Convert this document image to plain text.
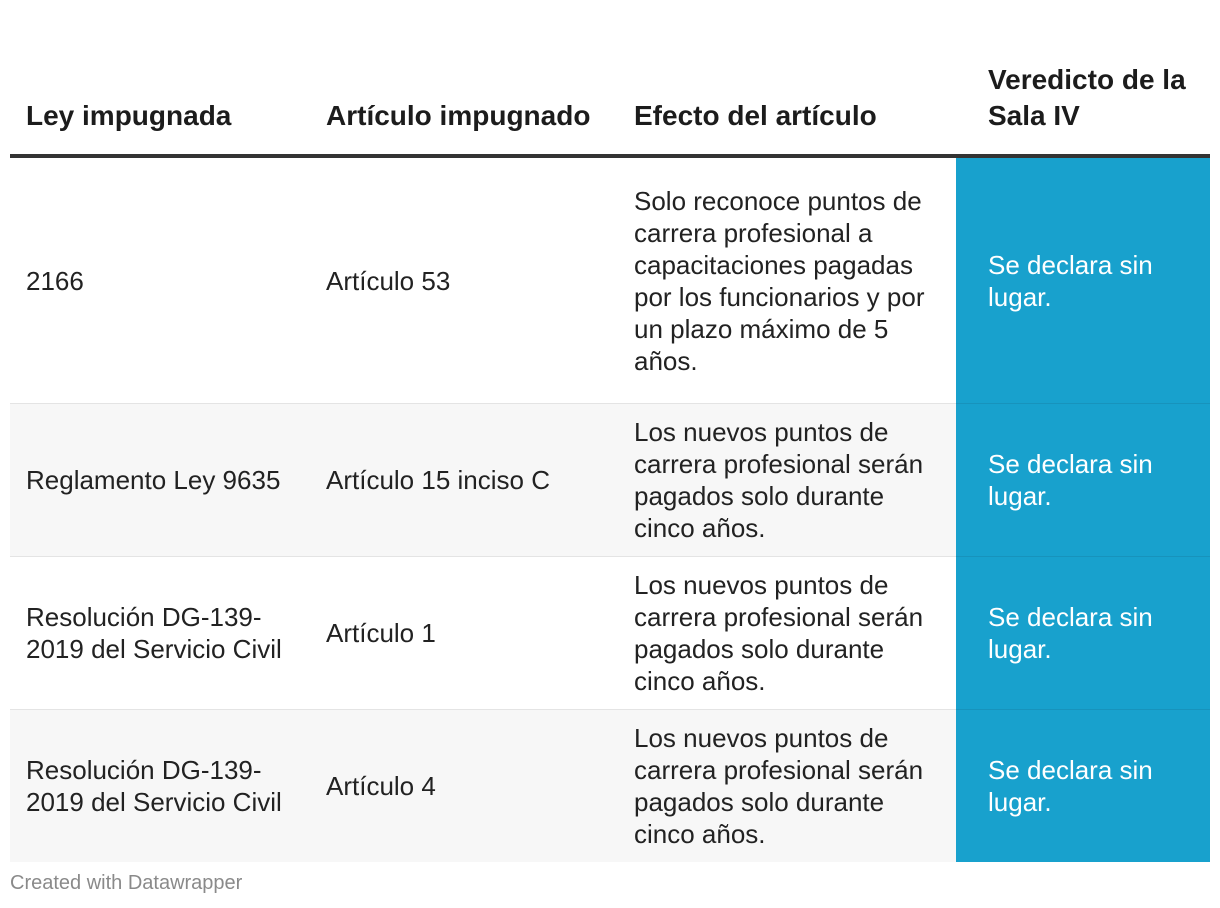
Ley impugnada	Artículo impugnado	Efecto del artículo	Veredicto de la Sala IV
2166	Artículo 53	Solo reconoce puntos de carrera profesional a capacitaciones pagadas por los funcionarios y por un plazo máximo de 5 años.	Se declara sin lugar.
Reglamento Ley 9635	Artículo 15 inciso C	Los nuevos puntos de carrera profesional serán pagados solo durante cinco años.	Se declara sin lugar.
Resolución DG-139-2019 del Servicio Civil	Artículo 1	Los nuevos puntos de carrera profesional serán pagados solo durante cinco años.	Se declara sin lugar.
Resolución DG-139-2019 del Servicio Civil	Artículo 4	Los nuevos puntos de carrera profesional serán pagados solo durante cinco años.	Se declara sin lugar.
Created with Datawrapper
